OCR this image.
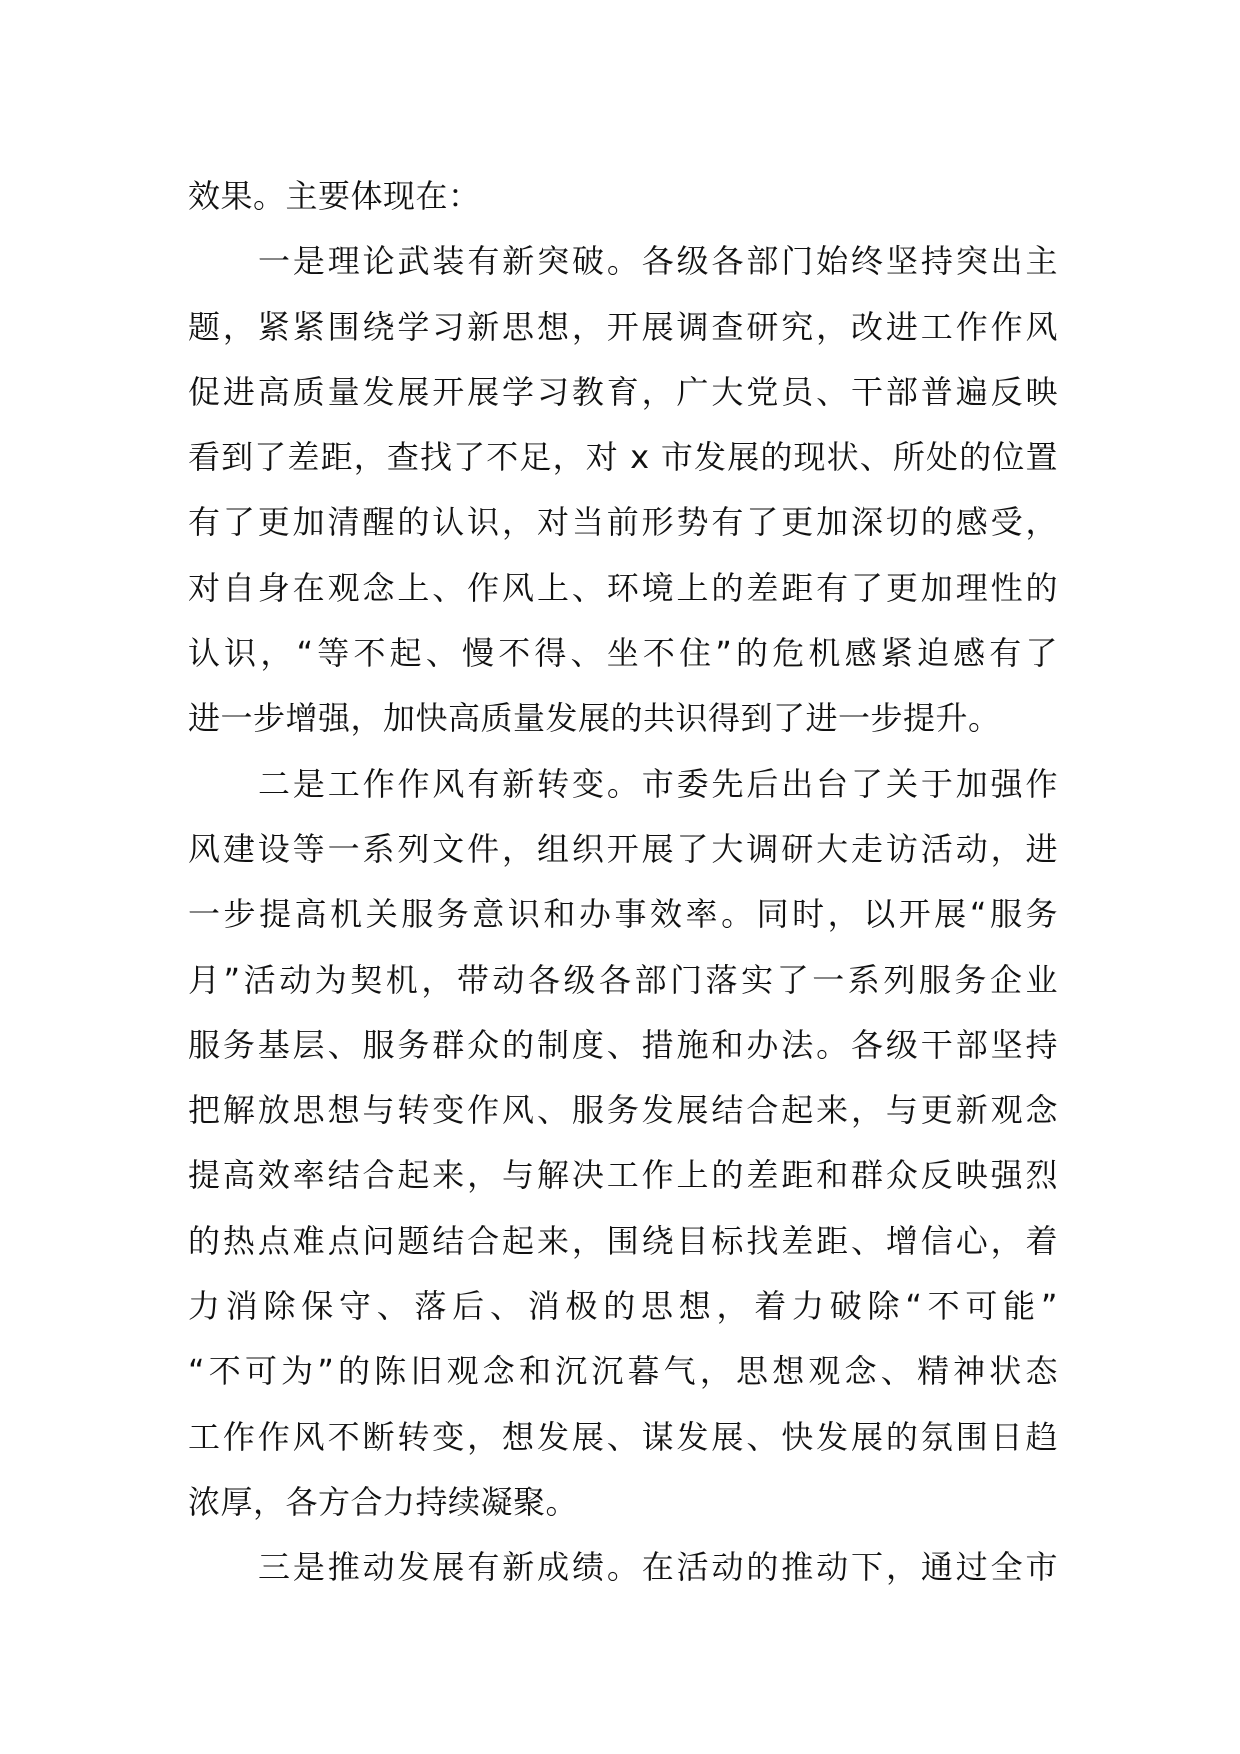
效果。主要体现在：
一是理论武装有新突破。各级各部门始终坚持突出主
题，紧紧围绕学习新思想，开展调查研究，改进工作作风
促进高质量发展开展学习教育，广大党员、干部普遍反映
看到了差距，查找了不足，对 x 市发展的现状、所处的位置
有了更加清醒的认识，对当前形势有了更加深切的感受，
对自身在观念上、作风上、环境上的差距有了更加理性的
认识，“等不起、慢不得、坐不住”的危机感紧迫感有了
进一步增强，加快高质量发展的共识得到了进一步提升。
二是工作作风有新转变。市委先后出台了关于加强作
风建设等一系列文件，组织开展了大调研大走访活动，进
一步提高机关服务意识和办事效率。同时，以开展“服务
月”活动为契机，带动各级各部门落实了一系列服务企业
服务基层、服务群众的制度、措施和办法。各级干部坚持
把解放思想与转变作风、服务发展结合起来，与更新观念
提高效率结合起来，与解决工作上的差距和群众反映强烈
的热点难点问题结合起来，围绕目标找差距、增信心，着
力消除保守、落后、消极的思想，着力破除“不可能”
“不可为”的陈旧观念和沉沉暮气，思想观念、精神状态
工作作风不断转变，想发展、谋发展、快发展的氛围日趋
浓厚，各方合力持续凝聚。
三是推动发展有新成绩。在活动的推动下，通过全市
